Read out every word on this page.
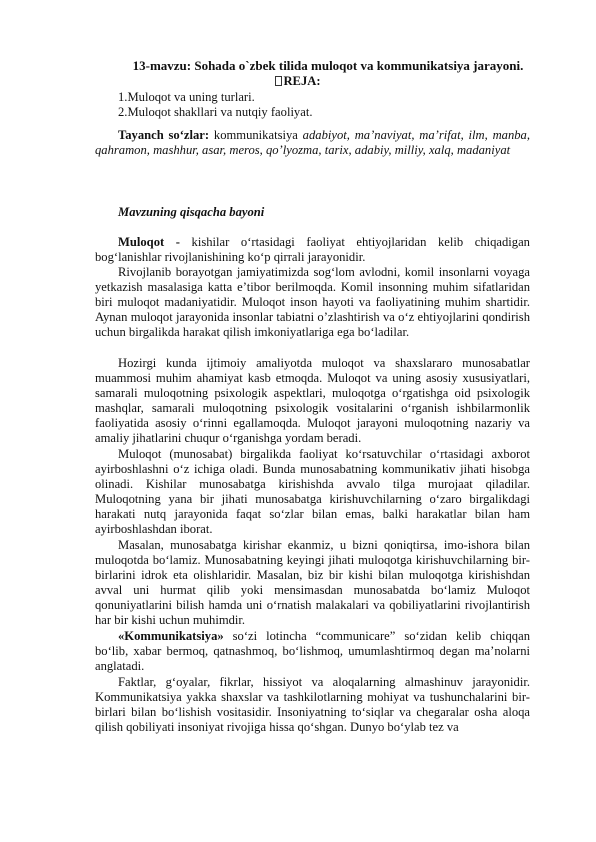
13-mavzu: Sohada o`zbek tilida muloqot va kommunikatsiya jarayoni.
REJA:
1.Muloqot va uning turlari.
2.Muloqot shakllari va nutqiy faoliyat.

Tayanch so‘zlar: kommunikatsiya adabiyot, ma’naviyat, ma’rifat, ilm, manba, qahramon, mashhur, asar, meros, qo’lyozma, tarix, adabiy, milliy, xalq, madaniyat

Mavzuning qisqacha bayoni

Muloqot - kishilar o‘rtasidagi faoliyat ehtiyojlaridan kelib chiqadigan bog‘lanishlar rivojlanishining ko‘p qirrali jarayonidir.

Rivojlanib borayotgan jamiyatimizda sog‘lom avlodni, komil insonlarni voyaga yetkazish masalasiga katta e’tibor berilmoqda. Komil insonning muhim sifatlaridan biri muloqot madaniyatidir. Muloqot inson hayoti va faoliyatining muhim shartidir. Aynan muloqot jarayonida insonlar tabiatni o’zlashtirish va o‘z ehtiyojlarini qondirish uchun birgalikda harakat qilish imkoniyatlariga ega bo‘ladilar.

Hozirgi kunda ijtimoiy amaliyotda muloqot va shaxslararo munosabatlar muammosi muhim ahamiyat kasb etmoqda. Muloqot va uning asosiy xususiyatlari, samarali muloqotning psixologik aspektlari, muloqotga o‘rgatishga oid psixologik mashqlar, samarali muloqotning psixologik vositalarini o‘rganish ishbilarmonlik faoliyatida asosiy o‘rinni egallamoqda. Muloqot jarayoni muloqotning nazariy va amaliy jihatlarini chuqur o‘rganishga yordam beradi.

Muloqot (munosabat) birgalikda faoliyat ko‘rsatuvchilar o‘rtasidagi axborot ayirboshlashni o‘z ichiga oladi. Bunda munosabatning kommunikativ jihati hisobga olinadi. Kishilar munosabatga kirishishda avvalo tilga murojaat qiladilar. Muloqotning yana bir jihati munosabatga kirishuvchilarning o‘zaro birgalikdagi harakati nutq jarayonida faqat so‘zlar bilan emas, balki harakatlar bilan ham ayirboshlashdan iborat.

Masalan, munosabatga kirishar ekanmiz, u bizni qoniqtirsa, imo-ishora bilan muloqotda bo‘lamiz. Munosabatning keyingi jihati muloqotga kirishuvchilarning bir-birlarini idrok eta olishlaridir. Masalan, biz bir kishi bilan muloqotga kirishishdan avval uni hurmat qilib yoki mensimasdan munosabatda bo‘lamiz Muloqot qonuniyatlarini bilish hamda uni o‘rnatish malakalari va qobiliyatlarini rivojlantirish har bir kishi uchun muhimdir.

«Kommunikatsiya» so‘zi lotincha “communicare” so‘zidan kelib chiqqan bo‘lib, xabar bermoq, qatnashmoq, bo‘lishmoq, umumlashtirmoq degan ma’nolarni anglatadi.

Faktlar, g‘oyalar, fikrlar, hissiyot va aloqalarning almashinuv jarayonidir. Kommunikatsiya yakka shaxslar va tashkilotlarning mohiyat va tushunchalarini bir-birlari bilan bo‘lishish vositasidir. Insoniyatning to‘siqlar va chegaralar osha aloqa qilish qobiliyati insoniyat rivojiga hissa qo‘shgan. Dunyo bo‘ylab tez va
